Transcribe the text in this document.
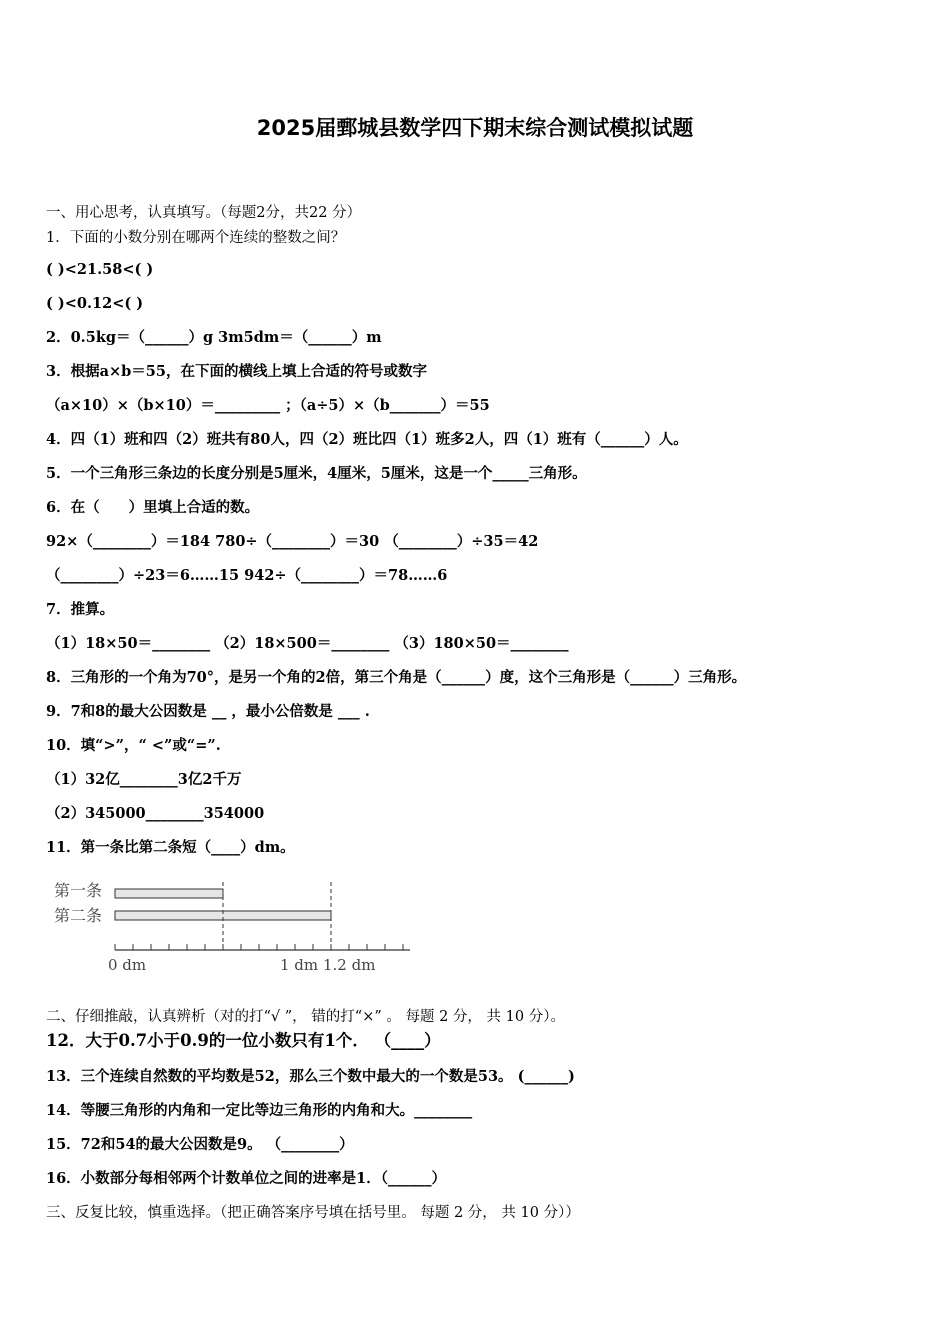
2025届鄄城县数学四下期末综合测试模拟试题
一、用心思考，认真填写。（每题2分，共22 分）
1．下面的小数分别在哪两个连续的整数之间？
( )<21.58<( )
( )<0.12<( )
2．0.5kg＝（______）g 3m5dm＝（______）m
3．根据a×b＝55，在下面的横线上填上合适的符号或数字
（a×10）×（b×10）＝_________ ；（a÷5）×（b_______）＝55
4．四（1）班和四（2）班共有80人，四（2）班比四（1）班多2人，四（1）班有（______）人。
5．一个三角形三条边的长度分别是5厘米，4厘米，5厘米，这是一个_____三角形。
6．在（　　）里填上合适的数。
92×（________）＝184 780÷（________）＝30 （________）÷35＝42
（________）÷23＝6……15 942÷（________）＝78……6
7．推算。
（1）18×50＝________ （2）18×500＝________ （3）180×50＝________
8．三角形的一个角为70°，是另一个角的2倍，第三个角是（______）度，这个三角形是（______）三角形。
9．7和8的最大公因数是 __ ，最小公倍数是 ___ .
10．填“>”，“ <”或“=”.
（1）32亿________3亿2千万
（2）345000________354000
11．第一条比第二条短（____）dm。
第一条
第二条
0 dm	1 dm 1.2 dm
二、仔细推敲，认真辨析（对的打“√ ”， 错的打“×” 。 每题 2 分， 共 10 分）。
12．大于0.7小于0.9的一位小数只有1个． （____）
13．三个连续自然数的平均数是52，那么三个数中最大的一个数是53。 (______)
14．等腰三角形的内角和一定比等边三角形的内角和大。________
15．72和54的最大公因数是9。 （________）
16．小数部分每相邻两个计数单位之间的进率是1．（______）
三、反复比较，慎重选择。（把正确答案序号填在括号里。 每题 2 分， 共 10 分））
